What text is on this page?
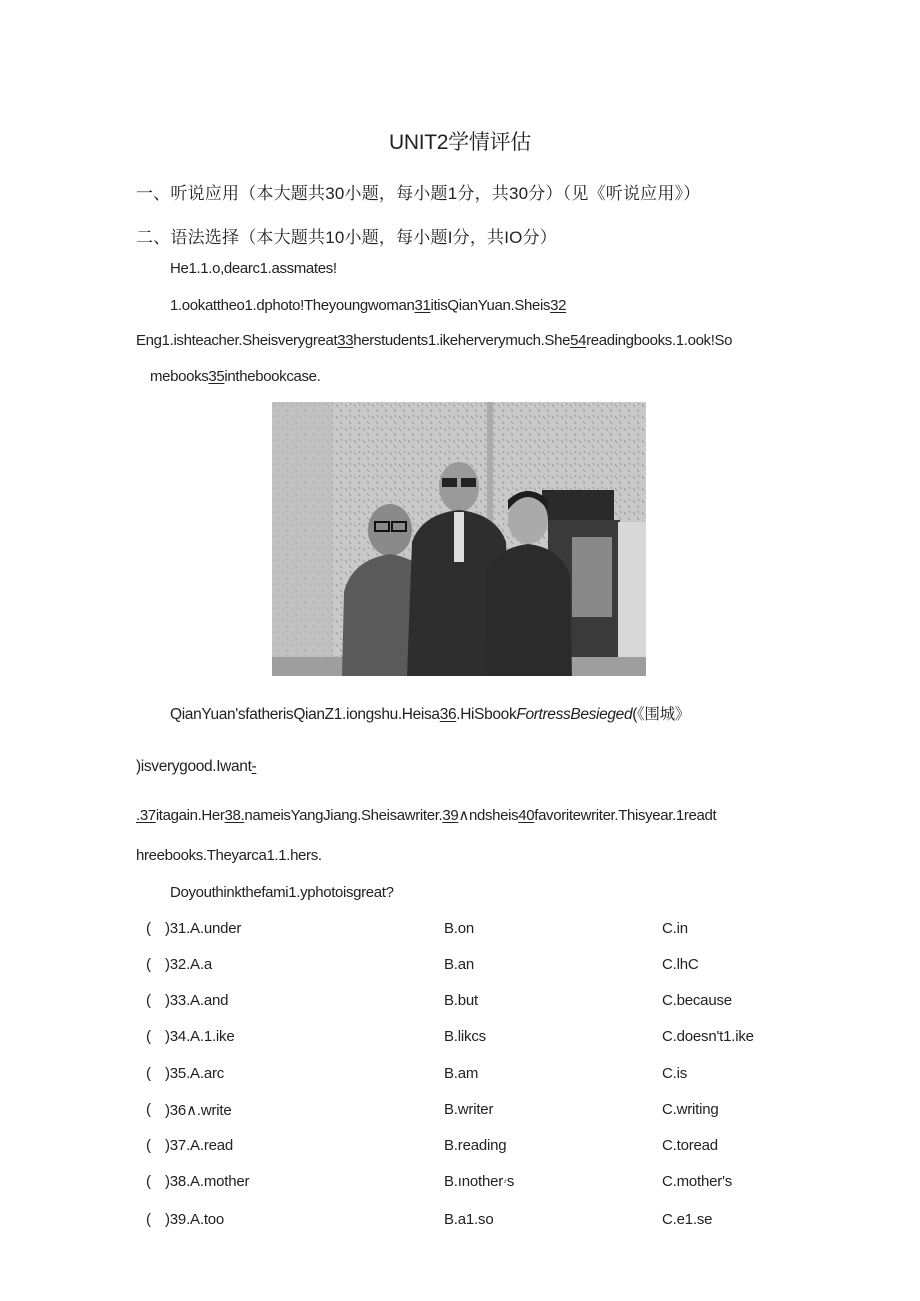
UNIT2学情评估
一、听说应用（本大题共30小题，每小题1分，共30分）（见《听说应用》）
二、语法选择（本大题共10小题，每小题I分，共IO分）
He1.1.o,dearc1.assmates!
1.ookattheo1.dphoto!Theyoungwoman31itisQianYuan.Sheis32
Eng1.ishteacher.Sheisverygreat33herstudents1.ikeherverymuch.She54readingbooks.1.ook!So
mebooks35inthebookcase.
QianYuan'sfatherisQianZ1.iongshu.Heisa36.HiSbookFortressBesieged(《围城》
)isverygood.Iwant-
.37itagain.Her38.nameisYangJiang.Sheisawriter.39∧ndsheis40favoritewriter.Thisyear.1readt
hreebooks.Theyarca1.1.hers.
Doyouthinkthefami1.yphotoisgreat?
( )31.A.under	B.on	C.in
( )32.A.a	B.an	C.lhC
( )33.A.and	B.but	C.because
( )34.A.1.ike	B.likcs	C.doesn't1.ike
( )35.A.arc	B.am	C.is
( )36∧.write	B.writer	C.writing
( )37.A.read	B.reading	C.toread
( )38.A.mother	B.ınotherۥs	C.mother's
( )39.A.too	B.a1.so	C.e1.se
